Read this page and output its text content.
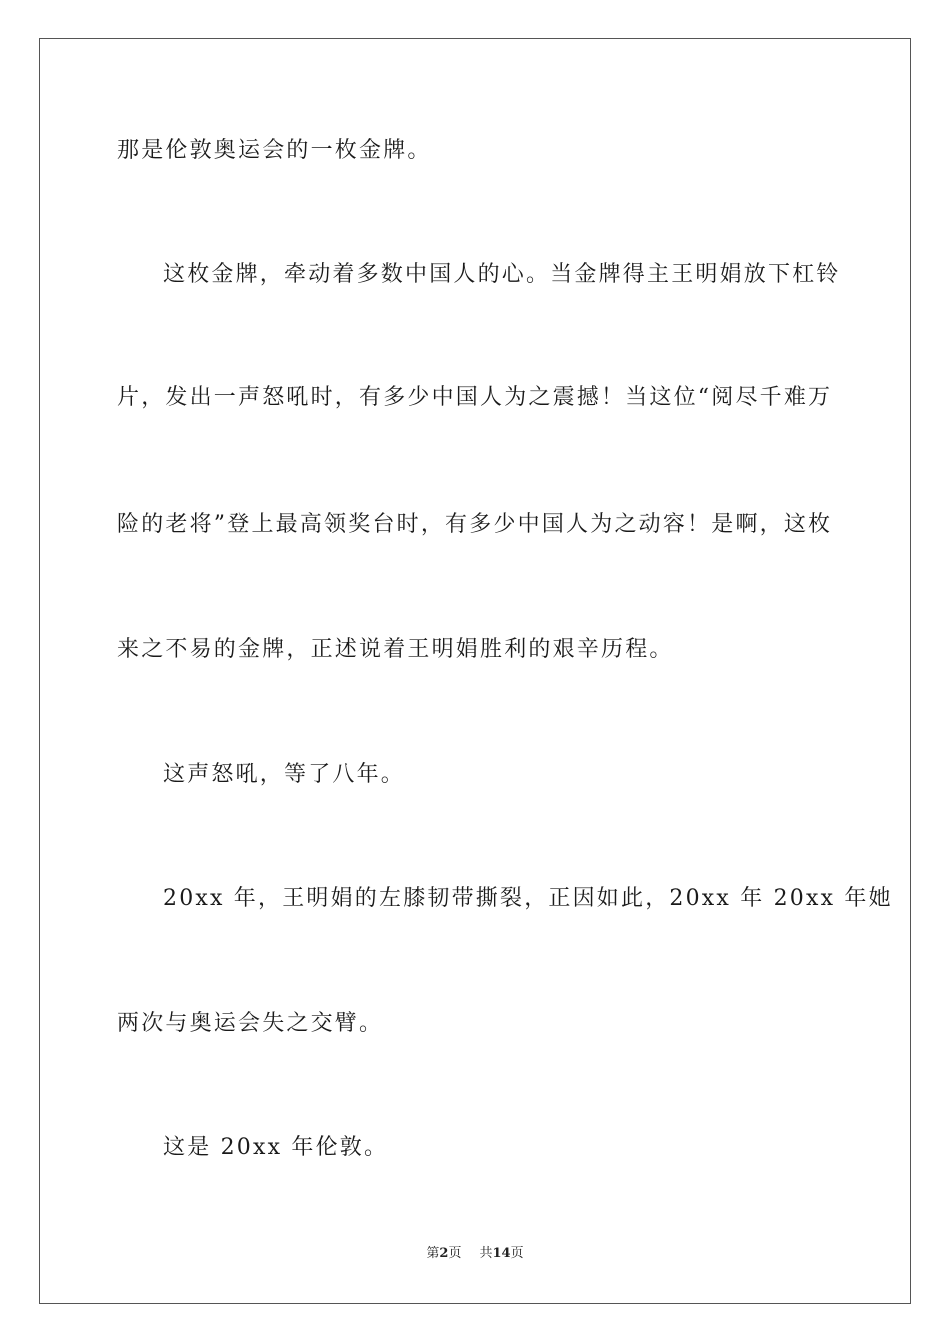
那是伦敦奥运会的一枚金牌。
这枚金牌，牵动着多数中国人的心。当金牌得主王明娟放下杠铃
片，发出一声怒吼时，有多少中国人为之震撼！当这位“阅尽千难万
险的老将”登上最高领奖台时，有多少中国人为之动容！是啊，这枚
来之不易的金牌，正述说着王明娟胜利的艰辛历程。
这声怒吼，等了八年。
20xx 年，王明娟的左膝韧带撕裂，正因如此，20xx 年 20xx 年她
两次与奥运会失之交臂。
这是 20xx 年伦敦。
第2页 共14页
